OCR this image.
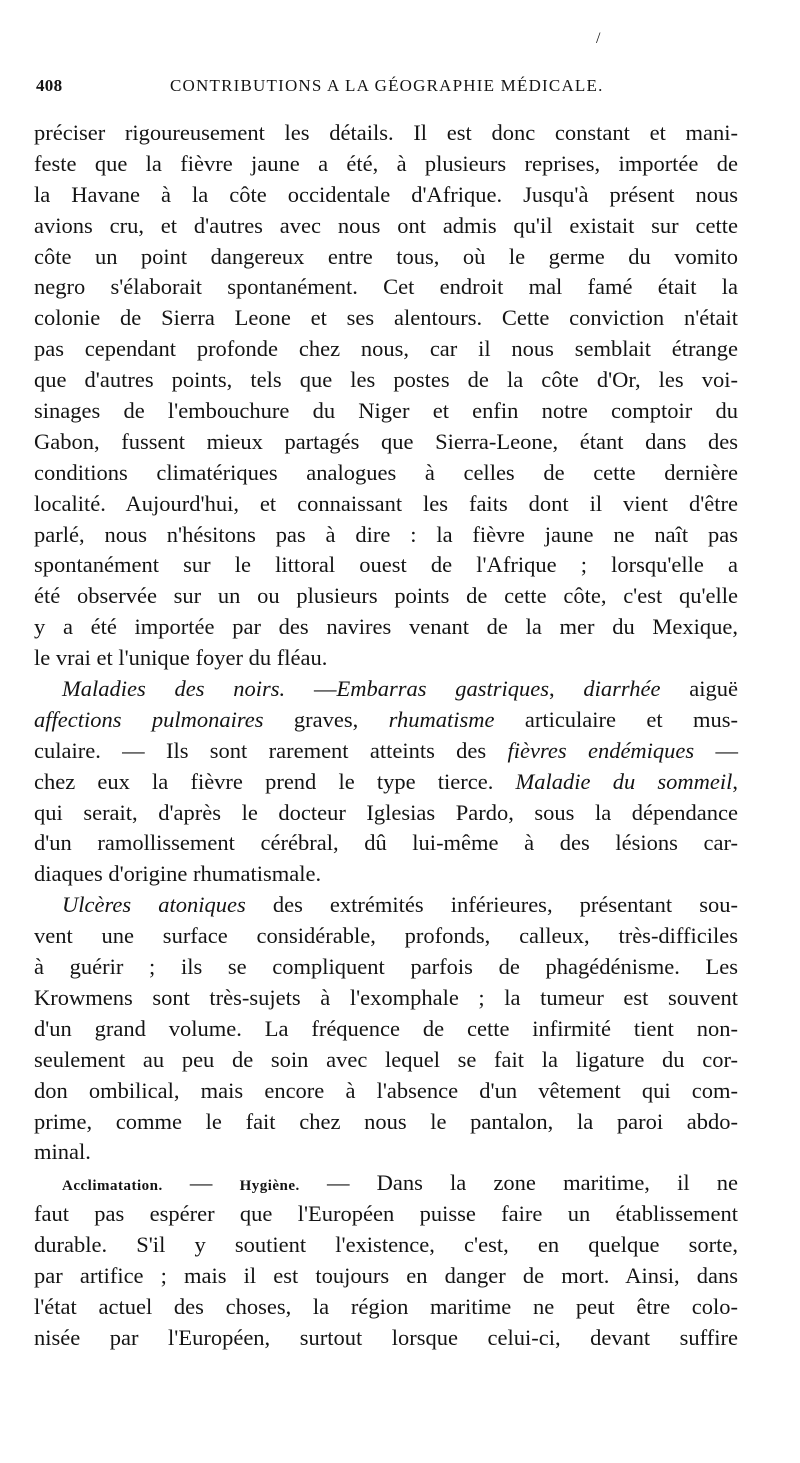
/
408	CONTRIBUTIONS A LA GÉOGRAPHIE MÉDICALE.
préciser rigoureusement les détails. Il est donc constant et mani-
feste que la fièvre jaune a été, à plusieurs reprises, importée de
la Havane à la côte occidentale d'Afrique. Jusqu'à présent nous
avions cru, et d'autres avec nous ont admis qu'il existait sur cette
côte un point dangereux entre tous, où le germe du vomito
negro s'élaborait spontanément. Cet endroit mal famé était la
colonie de Sierra Leone et ses alentours. Cette conviction n'était
pas cependant profonde chez nous, car il nous semblait étrange
que d'autres points, tels que les postes de la côte d'Or, les voi-
sinages de l'embouchure du Niger et enfin notre comptoir du
Gabon, fussent mieux partagés que Sierra-Leone, étant dans des
conditions climatériques analogues à celles de cette dernière
localité. Aujourd'hui, et connaissant les faits dont il vient d'être
parlé, nous n'hésitons pas à dire : la fièvre jaune ne naît pas
spontanément sur le littoral ouest de l'Afrique ; lorsqu'elle a
été observée sur un ou plusieurs points de cette côte, c'est qu'elle
y a été importée par des navires venant de la mer du Mexique,
le vrai et l'unique foyer du fléau.
Maladies des noirs. —Embarras gastriques, diarrhée aiguë
affections pulmonaires graves, rhumatisme articulaire et mus-
culaire. — Ils sont rarement atteints des fièvres endémiques —
chez eux la fièvre prend le type tierce. Maladie du sommeil,
qui serait, d'après le docteur Iglesias Pardo, sous la dépendance
d'un ramollissement cérébral, dû lui-même à des lésions car-
diaques d'origine rhumatismale.
Ulcères atoniques des extrémités inférieures, présentant sou-
vent une surface considérable, profonds, calleux, très-difficiles
à guérir ; ils se compliquent parfois de phagédénisme. Les
Krowmens sont très-sujets à l'exomphale ; la tumeur est souvent
d'un grand volume. La fréquence de cette infirmité tient non-
seulement au peu de soin avec lequel se fait la ligature du cor-
don ombilical, mais encore à l'absence d'un vêtement qui com-
prime, comme le fait chez nous le pantalon, la paroi abdo-
minal.
Acclimatation. — Hygiène. — Dans la zone maritime, il ne
faut pas espérer que l'Européen puisse faire un établissement
durable. S'il y soutient l'existence, c'est, en quelque sorte,
par artifice ; mais il est toujours en danger de mort. Ainsi, dans
l'état actuel des choses, la région maritime ne peut être colo-
nisée par l'Européen, surtout lorsque celui-ci, devant suffire
